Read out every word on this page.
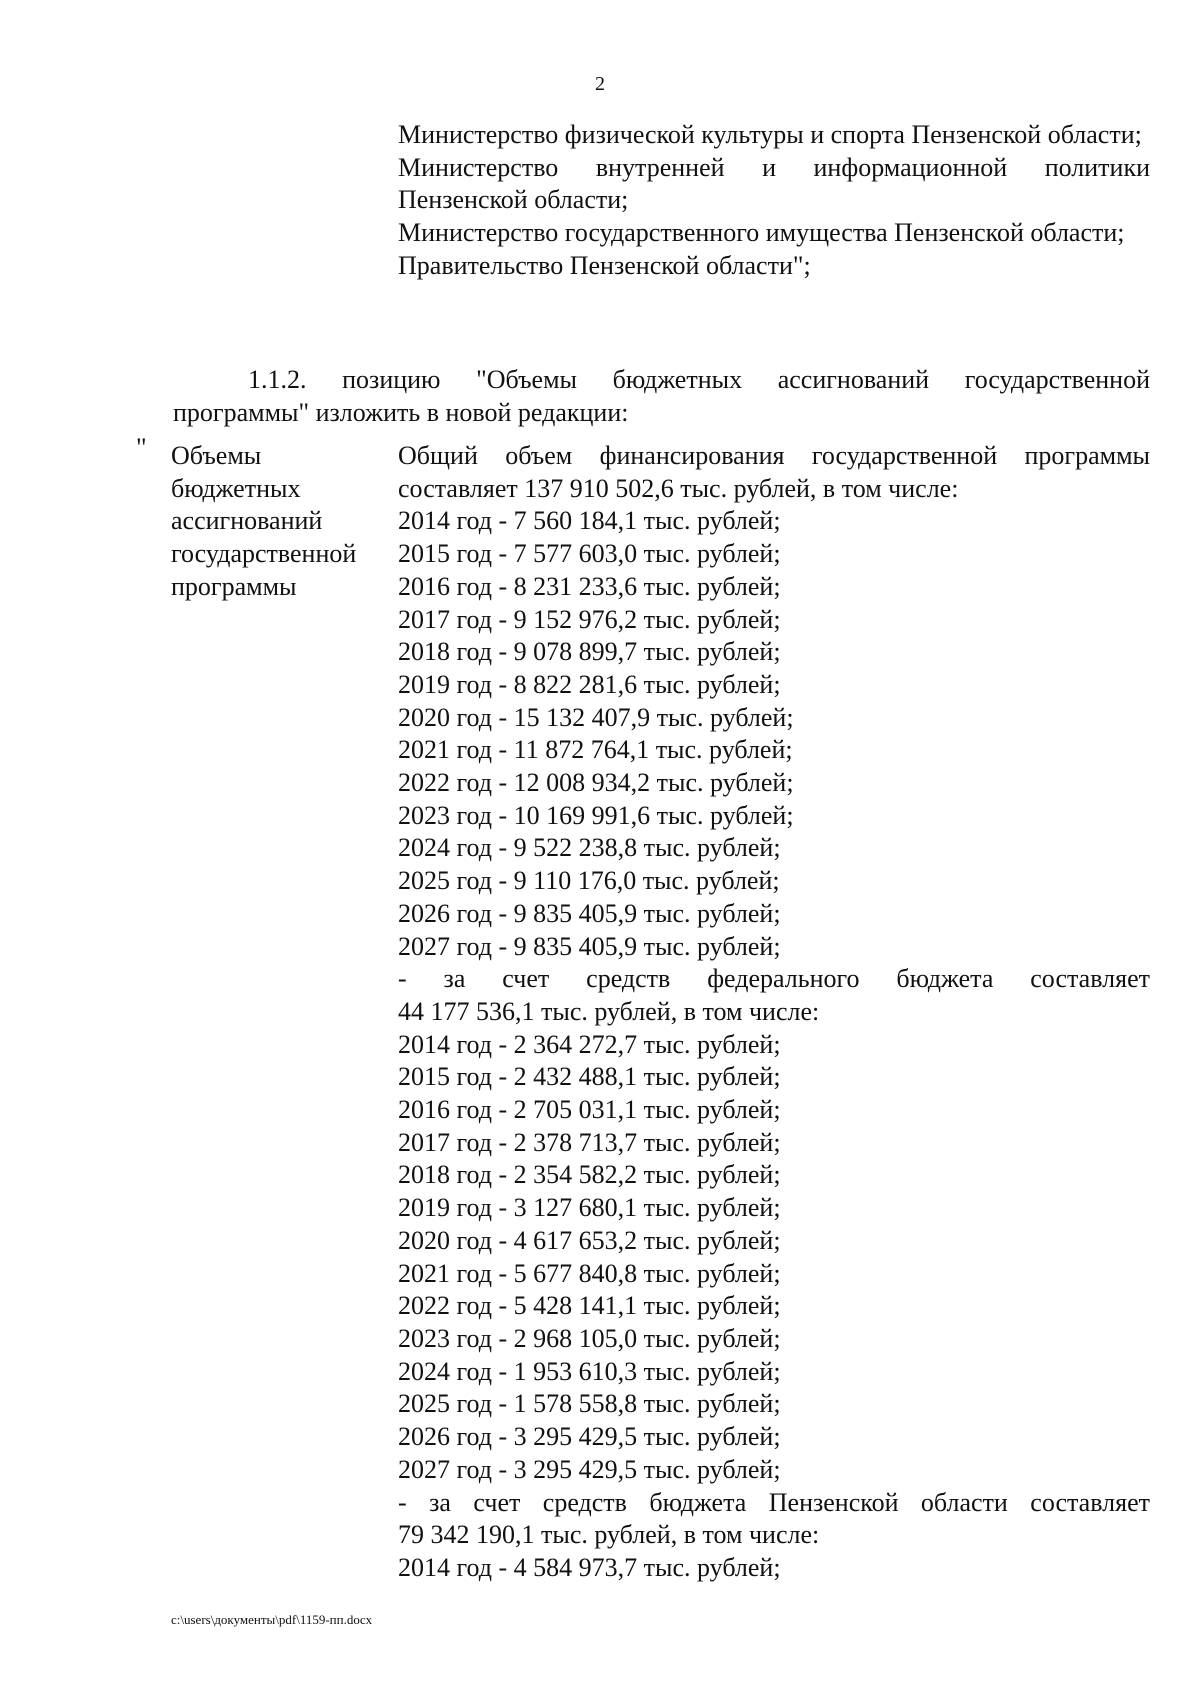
2
Министерство физической культуры и спорта Пензенской области;
Министерство внутренней и информационной политики Пензенской области;
Министерство государственного имущества Пензенской области;
Правительство Пензенской области";
1.1.2. позицию "Объемы бюджетных ассигнований государственной
программы" изложить в новой редакции:
" Объемы
бюджетных
ассигнований
государственной
программы
Общий объем финансирования государственной программы
составляет 137 910 502,6 тыс. рублей, в том числе:
2014 год - 7 560 184,1 тыс. рублей;
2015 год - 7 577 603,0 тыс. рублей;
2016 год - 8 231 233,6 тыс. рублей;
2017 год - 9 152 976,2 тыс. рублей;
2018 год - 9 078 899,7 тыс. рублей;
2019 год - 8 822 281,6 тыс. рублей;
2020 год - 15 132 407,9 тыс. рублей;
2021 год - 11 872 764,1 тыс. рублей;
2022 год - 12 008 934,2 тыс. рублей;
2023 год - 10 169 991,6 тыс. рублей;
2024 год - 9 522 238,8 тыс. рублей;
2025 год - 9 110 176,0 тыс. рублей;
2026 год - 9 835 405,9 тыс. рублей;
2027 год - 9 835 405,9 тыс. рублей;
- за счет средств федерального бюджета составляет
44 177 536,1 тыс. рублей, в том числе:
2014 год - 2 364 272,7 тыс. рублей;
2015 год - 2 432 488,1 тыс. рублей;
2016 год - 2 705 031,1 тыс. рублей;
2017 год - 2 378 713,7 тыс. рублей;
2018 год - 2 354 582,2 тыс. рублей;
2019 год - 3 127 680,1 тыс. рублей;
2020 год - 4 617 653,2 тыс. рублей;
2021 год - 5 677 840,8 тыс. рублей;
2022 год - 5 428 141,1 тыс. рублей;
2023 год - 2 968 105,0 тыс. рублей;
2024 год - 1 953 610,3 тыс. рублей;
2025 год - 1 578 558,8 тыс. рублей;
2026 год - 3 295 429,5 тыс. рублей;
2027 год - 3 295 429,5 тыс. рублей;
- за счет средств бюджета Пензенской области составляет
79 342 190,1 тыс. рублей, в том числе:
2014 год - 4 584 973,7 тыс. рублей;
c:\users\документы\pdf\1159-пп.docx
